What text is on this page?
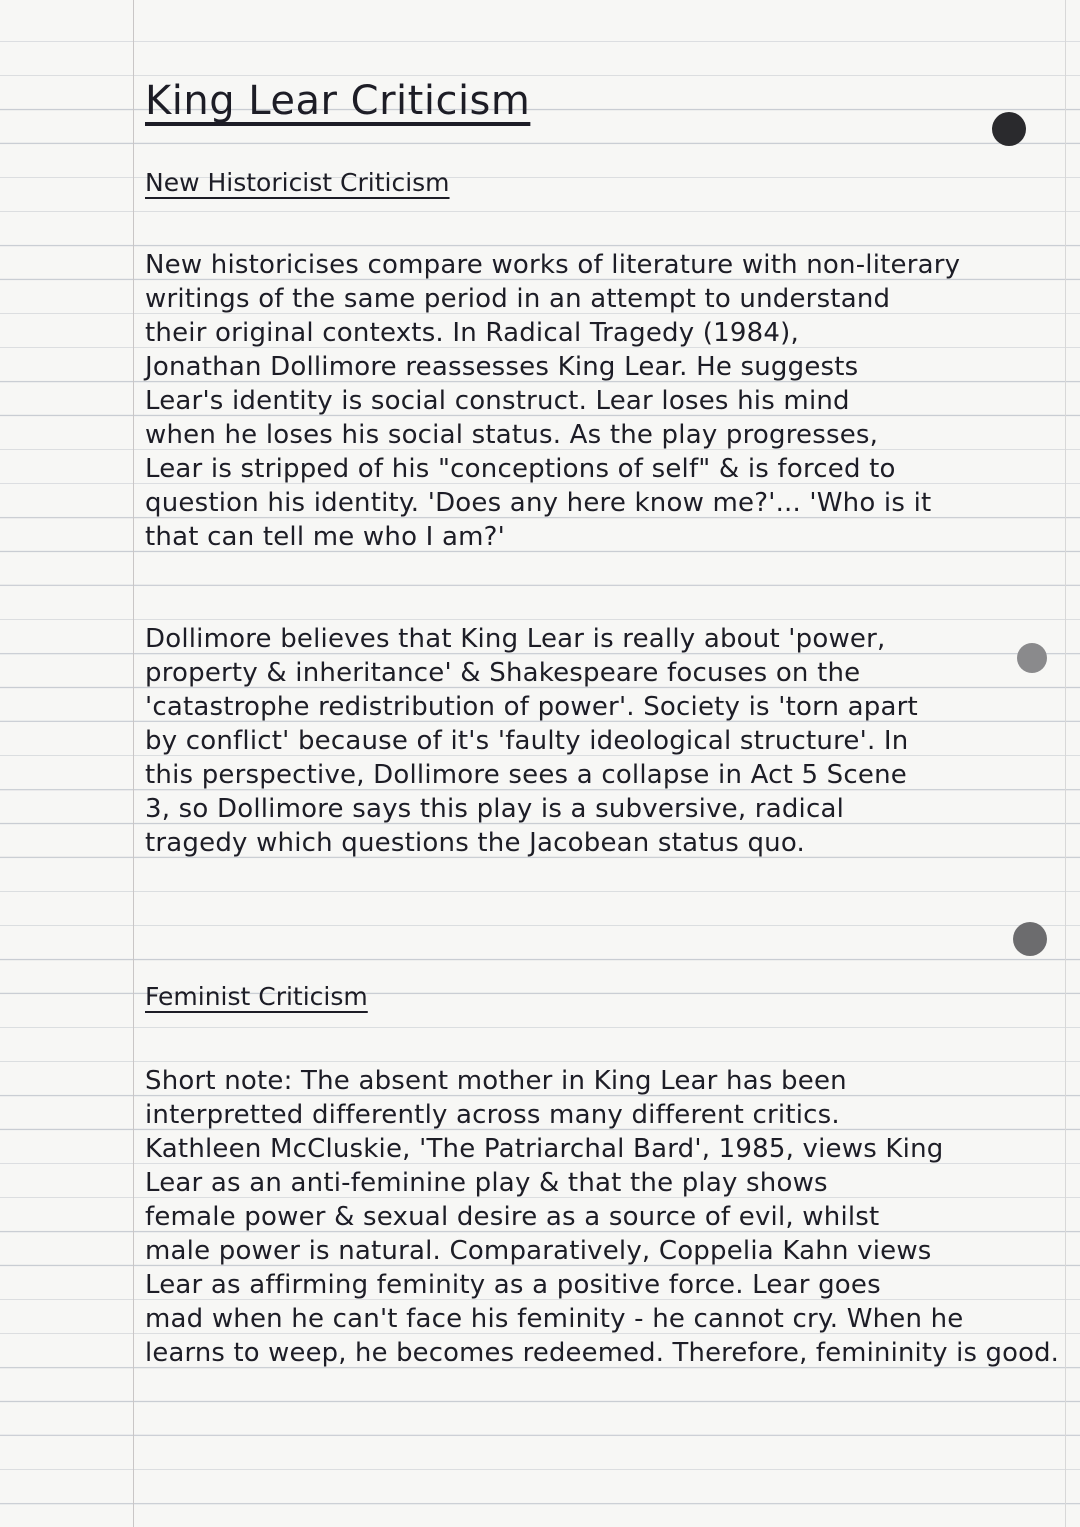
King Lear Criticism
New Historicist Criticism
New historicises compare works of literature with non-literary
writings of the same period in an attempt to understand
their original contexts. In Radical Tragedy (1984),
Jonathan Dollimore reassesses King Lear. He suggests
Lear's identity is social construct. Lear loses his mind
when he loses his social status. As the play progresses,
Lear is stripped of his "conceptions of self" & is forced to
question his identity. 'Does any here know me?'... 'Who is it
that can tell me who I am?'
Dollimore believes that King Lear is really about 'power,
property & inheritance' & Shakespeare focuses on the
'catastrophe redistribution of power'. Society is 'torn apart
by conflict' because of it's 'faulty ideological structure'. In
this perspective, Dollimore sees a collapse in Act 5 Scene
3, so Dollimore says this play is a subversive, radical
tragedy which questions the Jacobean status quo.
Feminist Criticism
Short note: The absent mother in King Lear has been
interpretted differently across many different critics.
Kathleen McCluskie, 'The Patriarchal Bard', 1985, views King
Lear as an anti-feminine play & that the play shows
female power & sexual desire as a source of evil, whilst
male power is natural. Comparatively, Coppelia Kahn views
Lear as affirming feminity as a positive force. Lear goes
mad when he can't face his feminity - he cannot cry. When he
learns to weep, he becomes redeemed. Therefore, femininity is good.
